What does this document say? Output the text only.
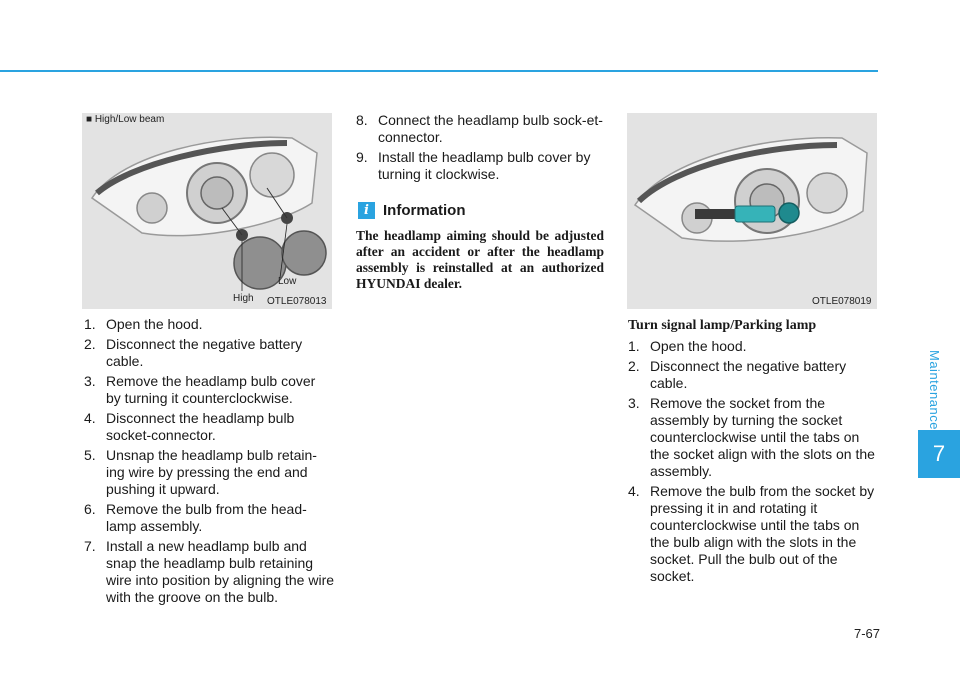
Maintenance
7
■ High/Low beam
High
Low
OTLE078013
1. Open the hood.
2. Disconnect the negative battery cable.
3. Remove the headlamp bulb cover by turning it counterclockwise.
4. Disconnect the headlamp bulb socket-connector.
5. Unsnap the headlamp bulb retain-ing wire by pressing the end and pushing it upward.
6. Remove the bulb from the head-lamp assembly.
7. Install a new headlamp bulb and snap the headlamp bulb retaining wire into position by aligning the wire with the groove on the bulb.
8. Connect the headlamp bulb sock-et-connector.
9. Install the headlamp bulb cover by turning it clockwise.
i Information
The headlamp aiming should be adjusted after an accident or after the headlamp assembly is reinstalled at an authorized HYUNDAI dealer.
OTLE078019
Turn signal lamp/Parking lamp
1. Open the hood.
2. Disconnect the negative battery cable.
3. Remove the socket from the assembly by turning the socket counterclockwise until the tabs on the socket align with the slots on the assembly.
4. Remove the bulb from the socket by pressing it in and rotating it counterclockwise until the tabs on the bulb align with the slots in the socket. Pull the bulb out of the socket.
7-67
